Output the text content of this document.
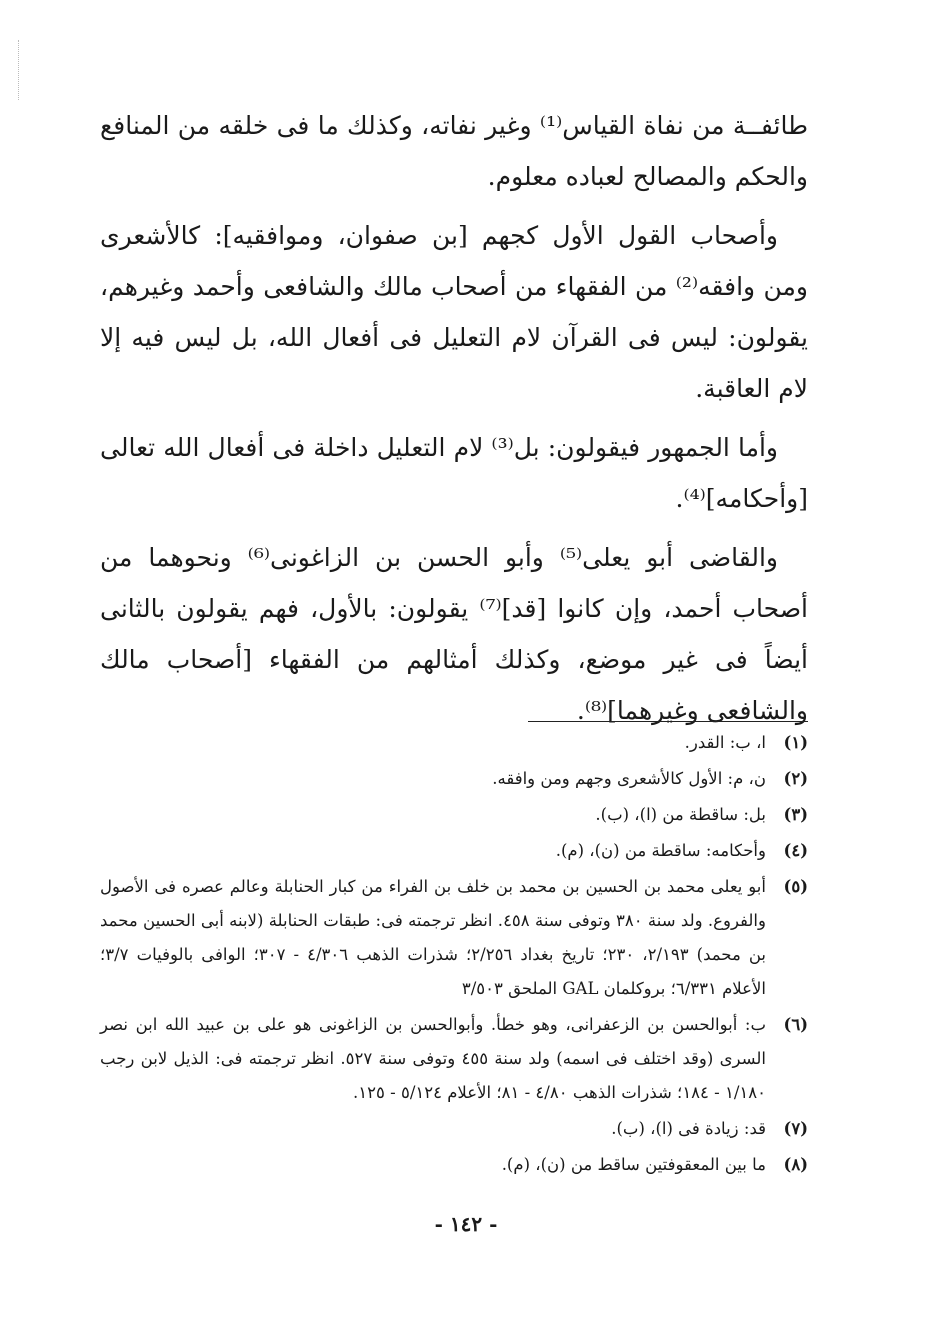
طائفــة من نفاة القياس⁽¹⁾ وغير نفاته، وكذلك ما فى خلقه من المنافع والحكم والمصالح لعباده معلوم.

وأصحاب القول الأول كجهم [بن صفوان، وموافقيه]: كالأشعرى ومن وافقه⁽²⁾ من الفقهاء من أصحاب مالك والشافعى وأحمد وغيرهم، يقولون: ليس فى القرآن لام التعليل فى أفعال الله، بل ليس فيه إلا لام العاقبة.

وأما الجمهور فيقولون: بل⁽³⁾ لام التعليل داخلة فى أفعال الله تعالى [وأحكامه]⁽⁴⁾.

والقاضى أبو يعلى⁽⁵⁾ وأبو الحسن بن الزاغونى⁽⁶⁾ ونحوهما من أصحاب أحمد، وإن كانوا [قد]⁽⁷⁾ يقولون: بالأول، فهم يقولون بالثانى أيضاً فى غير موضع، وكذلك أمثالهم من الفقهاء [أصحاب مالك والشافعى وغيرهما]⁽⁸⁾.

(١)
ا، ب: القدر.
(٢)
ن، م: الأول كالأشعرى وجهم ومن وافقه.
(٣)
بل: ساقطة من (ا)، (ب).
(٤)
وأحكامه: ساقطة من (ن)، (م).
(٥)
أبو يعلى محمد بن الحسين بن محمد بن خلف بن الفراء من كبار الحنابلة وعالم عصره فى الأصول والفروع. ولد سنة ٣٨٠ وتوفى سنة ٤٥٨. انظر ترجمته فى: طبقات الحنابلة (لابنه أبى الحسين محمد بن محمد) ٢/١٩٣، ٢٣٠؛ تاريخ بغداد ٢/٢٥٦؛ شذرات الذهب ٤/٣٠٦ - ٣٠٧؛ الوافى بالوفيات ٣/٧؛ الأعلام ٦/٣٣١؛ بروكلمان GAL الملحق ٣/٥٠٣
(٦)
ب: أبوالحسن بن الزعفرانى، وهو خطأ. وأبوالحسن بن الزاغونى هو على بن عبيد الله ابن نصر السرى (وقد اختلف فى اسمه) ولد سنة ٤٥٥ وتوفى سنة ٥٢٧. انظر ترجمته فى: الذيل لابن رجب ١/١٨٠ - ١٨٤؛ شذرات الذهب ٤/٨٠ - ٨١؛ الأعلام ٥/١٢٤ - ١٢٥.
(٧)
قد: زيادة فى (ا)، (ب).
(٨)
ما بين المعقوفتين ساقط من (ن)، (م).
- ١٤٢ -
